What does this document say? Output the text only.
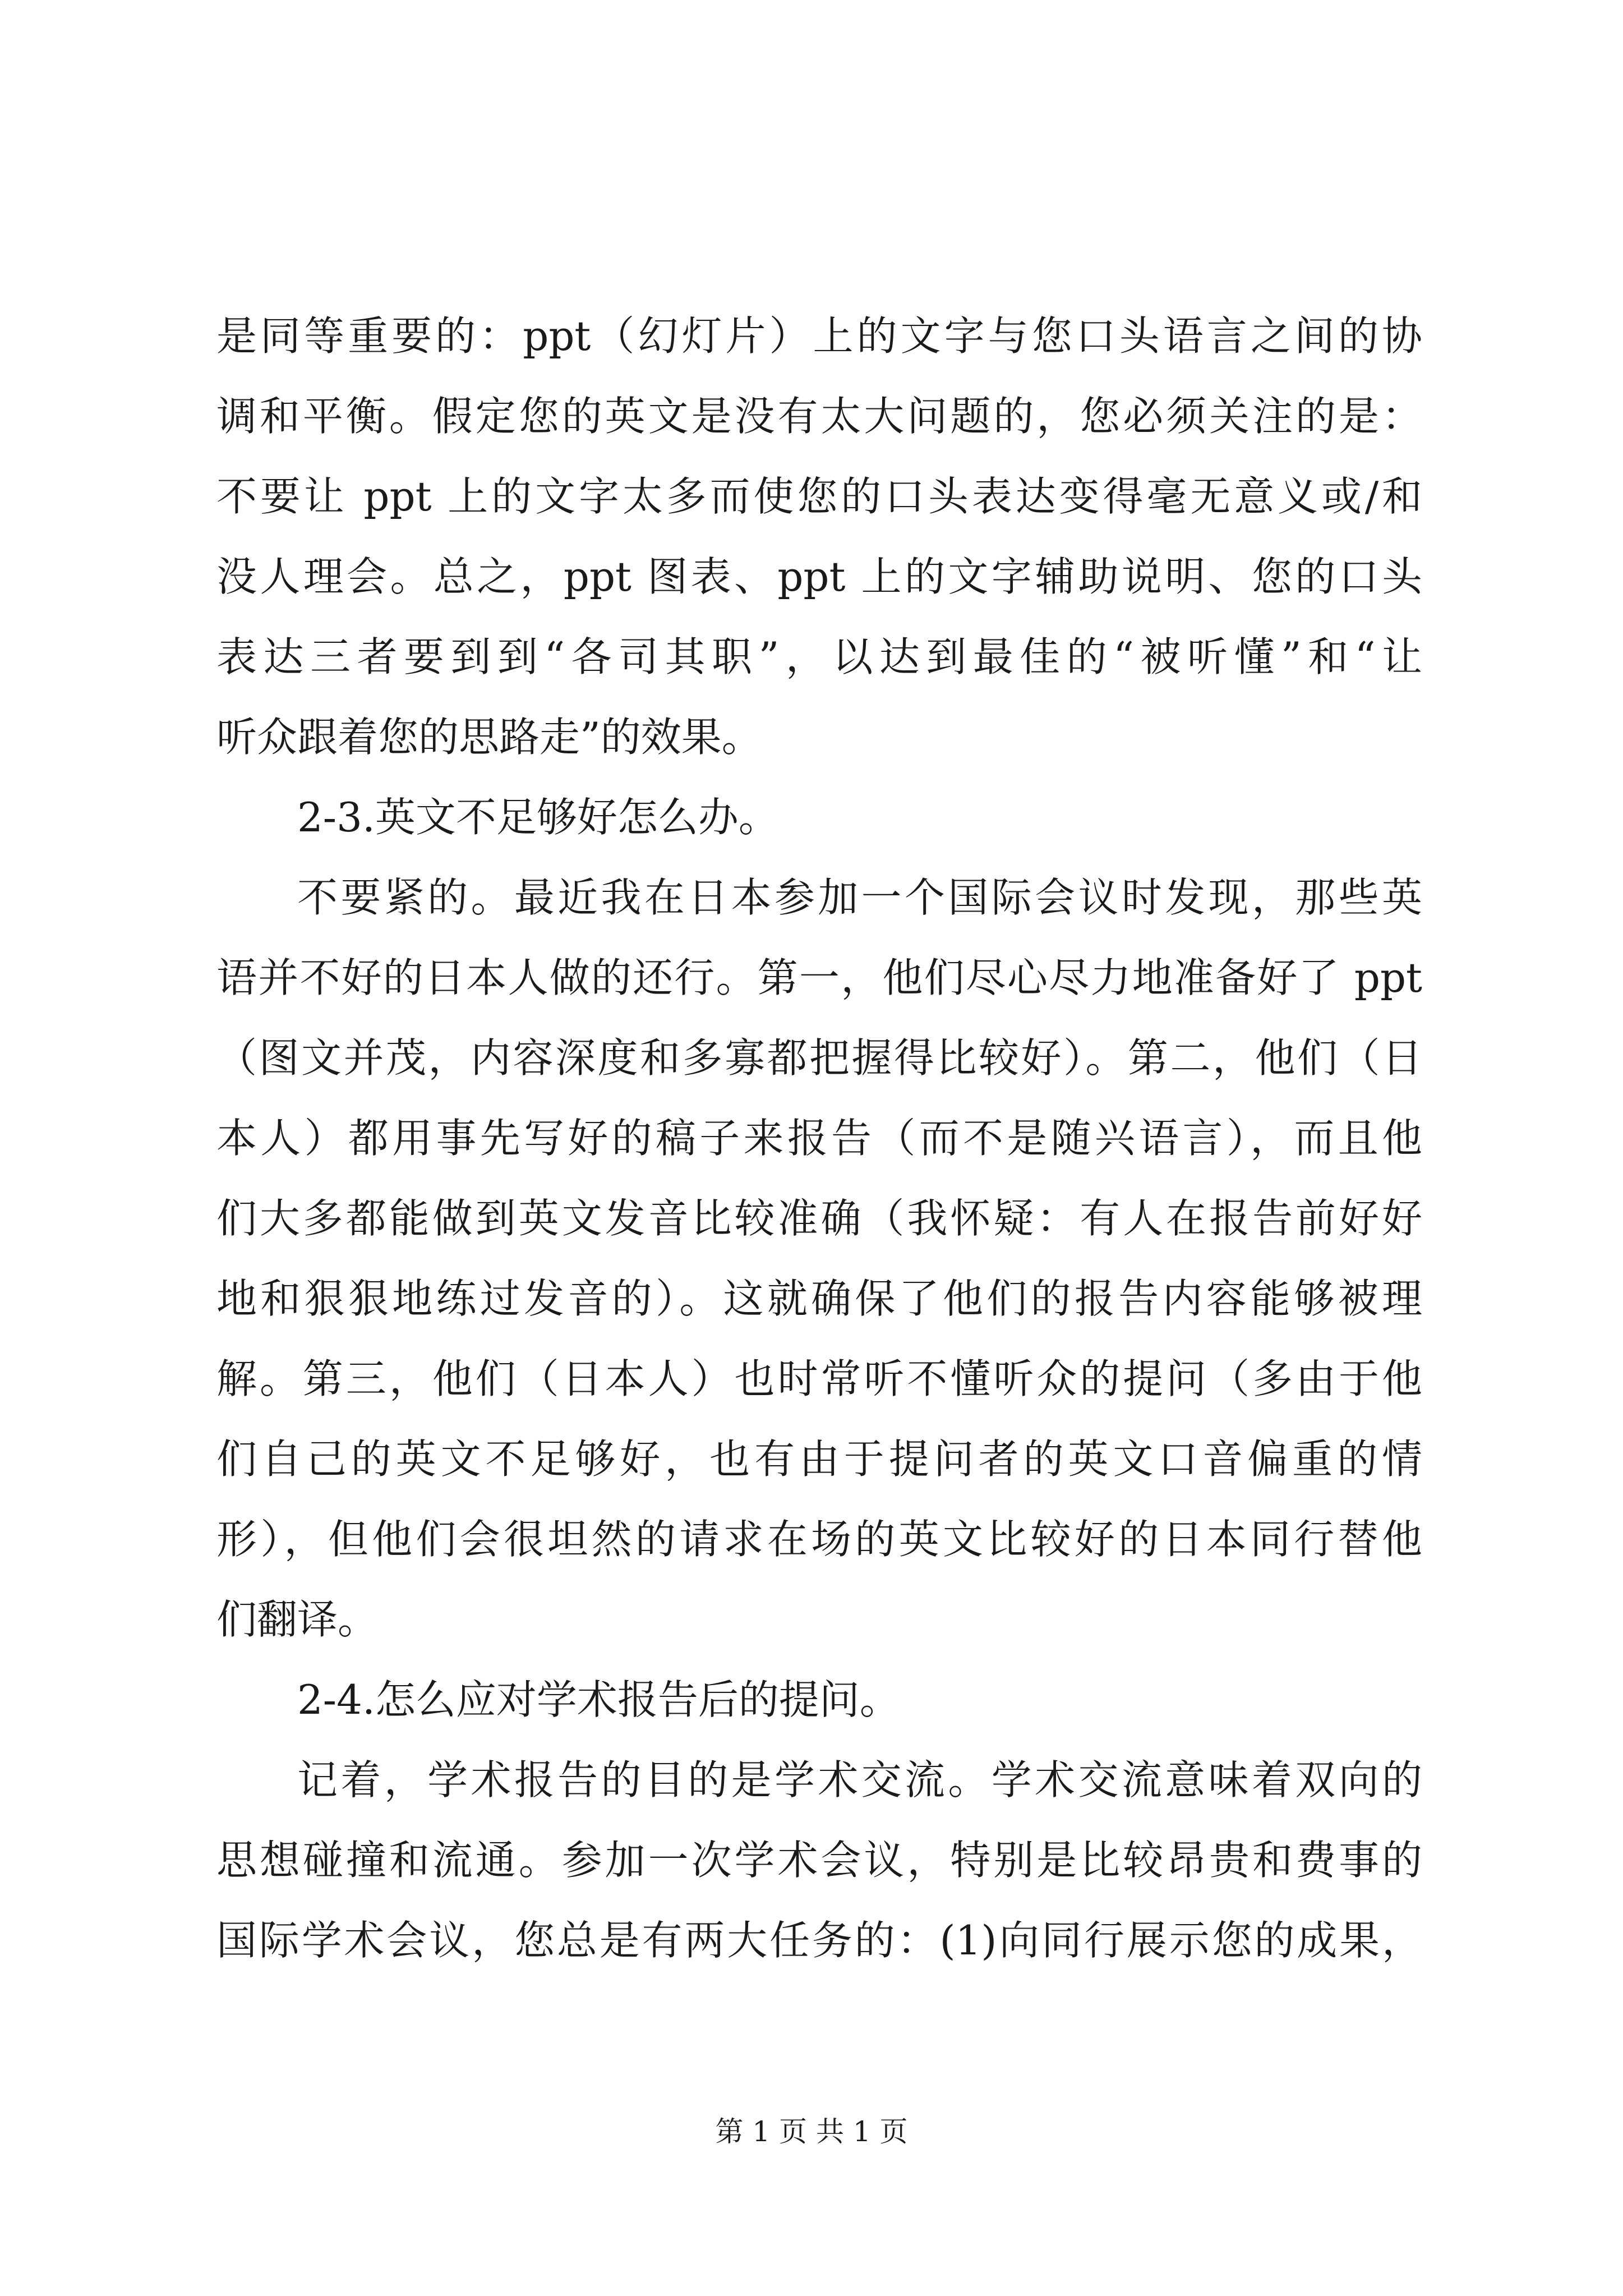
是同等重要的：ppt（幻灯片）上的文字与您口头语言之间的协
调和平衡。假定您的英文是没有太大问题的，您必须关注的是：
不要让 ppt 上的文字太多而使您的口头表达变得毫无意义或/和
没人理会。总之，ppt 图表、ppt 上的文字辅助说明、您的口头
表达三者要到到“各司其职”，以达到最佳的“被听懂”和“让
听众跟着您的思路走”的效果。
2-3.英文不足够好怎么办。
不要紧的。最近我在日本参加一个国际会议时发现，那些英
语并不好的日本人做的还行。第一，他们尽心尽力地准备好了 ppt
（图文并茂，内容深度和多寡都把握得比较好）。第二，他们（日
本人）都用事先写好的稿子来报告（而不是随兴语言），而且他
们大多都能做到英文发音比较准确（我怀疑：有人在报告前好好
地和狠狠地练过发音的）。这就确保了他们的报告内容能够被理
解。第三，他们（日本人）也时常听不懂听众的提问（多由于他
们自己的英文不足够好，也有由于提问者的英文口音偏重的情
形），但他们会很坦然的请求在场的英文比较好的日本同行替他
们翻译。
2-4.怎么应对学术报告后的提问。
记着，学术报告的目的是学术交流。学术交流意味着双向的
思想碰撞和流通。参加一次学术会议，特别是比较昂贵和费事的
国际学术会议，您总是有两大任务的：(1)向同行展示您的成果，
第 1 页 共 1 页
